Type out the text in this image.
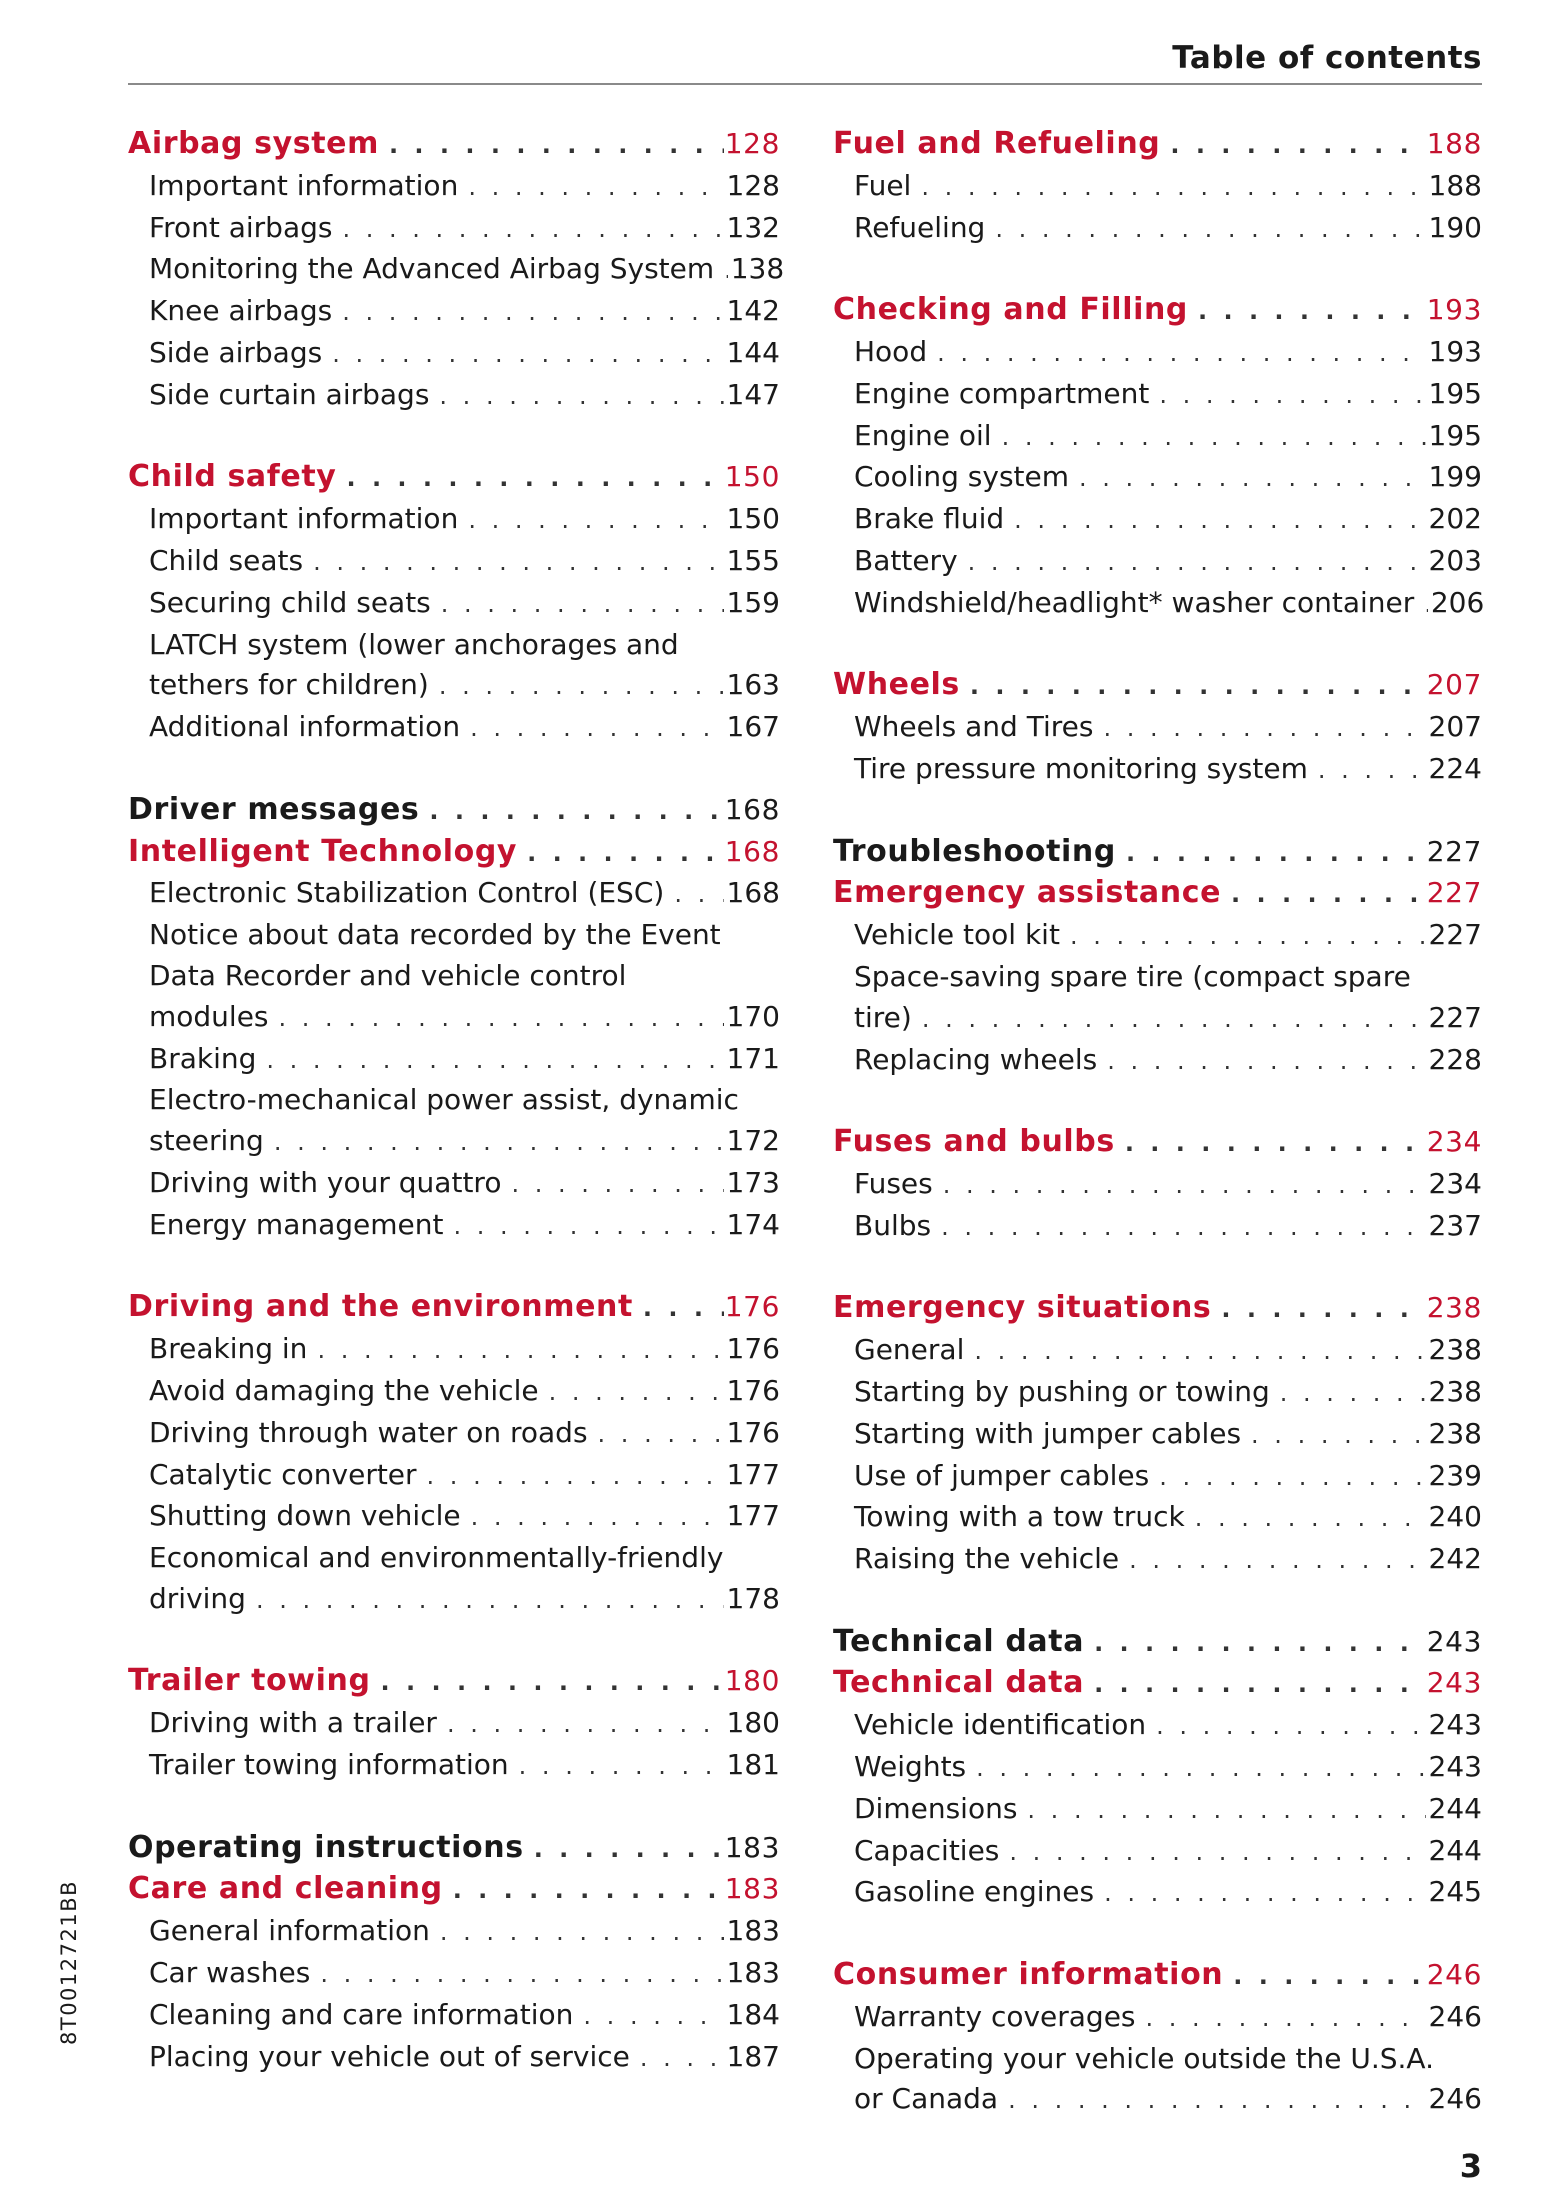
Table of contents
Airbag system . . .	128
Important information . . .	128
Front airbags . . .	132
Monitoring the Advanced Airbag System . . . 138
Knee airbags . . .	142
Side airbags . . .	144
Side curtain airbags . . .	147
Child safety . . .	150
Important information . . .	150
Child seats . . .	155
Securing child seats . . .	159
LATCH system (lower anchorages and
tethers for children) . . .	163
Additional information . . .	167
Driver messages . . .	168
Intelligent Technology . . .	168
Electronic Stabilization Control (ESC) . . . 168
Notice about data recorded by the Event
Data Recorder and vehicle control
modules . . .	170
Braking . . .	171
Electro-mechanical power assist, dynamic
steering . . .	172
Driving with your quattro . . .	173
Energy management . . .	174
Driving and the environment . . .	176
Breaking in . . .	176
Avoid damaging the vehicle . . .	176
Driving through water on roads . . .	176
Catalytic converter . . .	177
Shutting down vehicle . . .	177
Economical and environmentally-friendly
driving . . .	178
Trailer towing . . .	180
Driving with a trailer . . .	180
Trailer towing information . . .	181
Operating instructions . . .	183
Care and cleaning . . .	183
General information . . .	183
Car washes . . .	183
Cleaning and care information . . .	184
Placing your vehicle out of service . . .	187
Fuel and Refueling . . .	188
Fuel . . .	188
Refueling . . .	190
Checking and Filling . . .	193
Hood . . .	193
Engine compartment . . .	195
Engine oil . . .	195
Cooling system . . .	199
Brake fluid . . .	202
Battery . . .	203
Windshield/headlight* washer container . . . 206
Wheels . . .	207
Wheels and Tires . . .	207
Tire pressure monitoring system . . .	224
Troubleshooting . . .	227
Emergency assistance . . .	227
Vehicle tool kit . . .	227
Space-saving spare tire (compact spare
tire) . . .	227
Replacing wheels . . .	228
Fuses and bulbs . . .	234
Fuses . . .	234
Bulbs . . .	237
Emergency situations . . .	238
General . . .	238
Starting by pushing or towing . . .	238
Starting with jumper cables . . .	238
Use of jumper cables . . .	239
Towing with a tow truck . . .	240
Raising the vehicle . . .	242
Technical data . . .	243
Technical data . . .	243
Vehicle identification . . .	243
Weights . . .	243
Dimensions . . .	244
Capacities . . .	244
Gasoline engines . . .	245
Consumer information . . .	246
Warranty coverages . . .	246
Operating your vehicle outside the U.S.A.
or Canada . . .	246
8T0012721BB
3
